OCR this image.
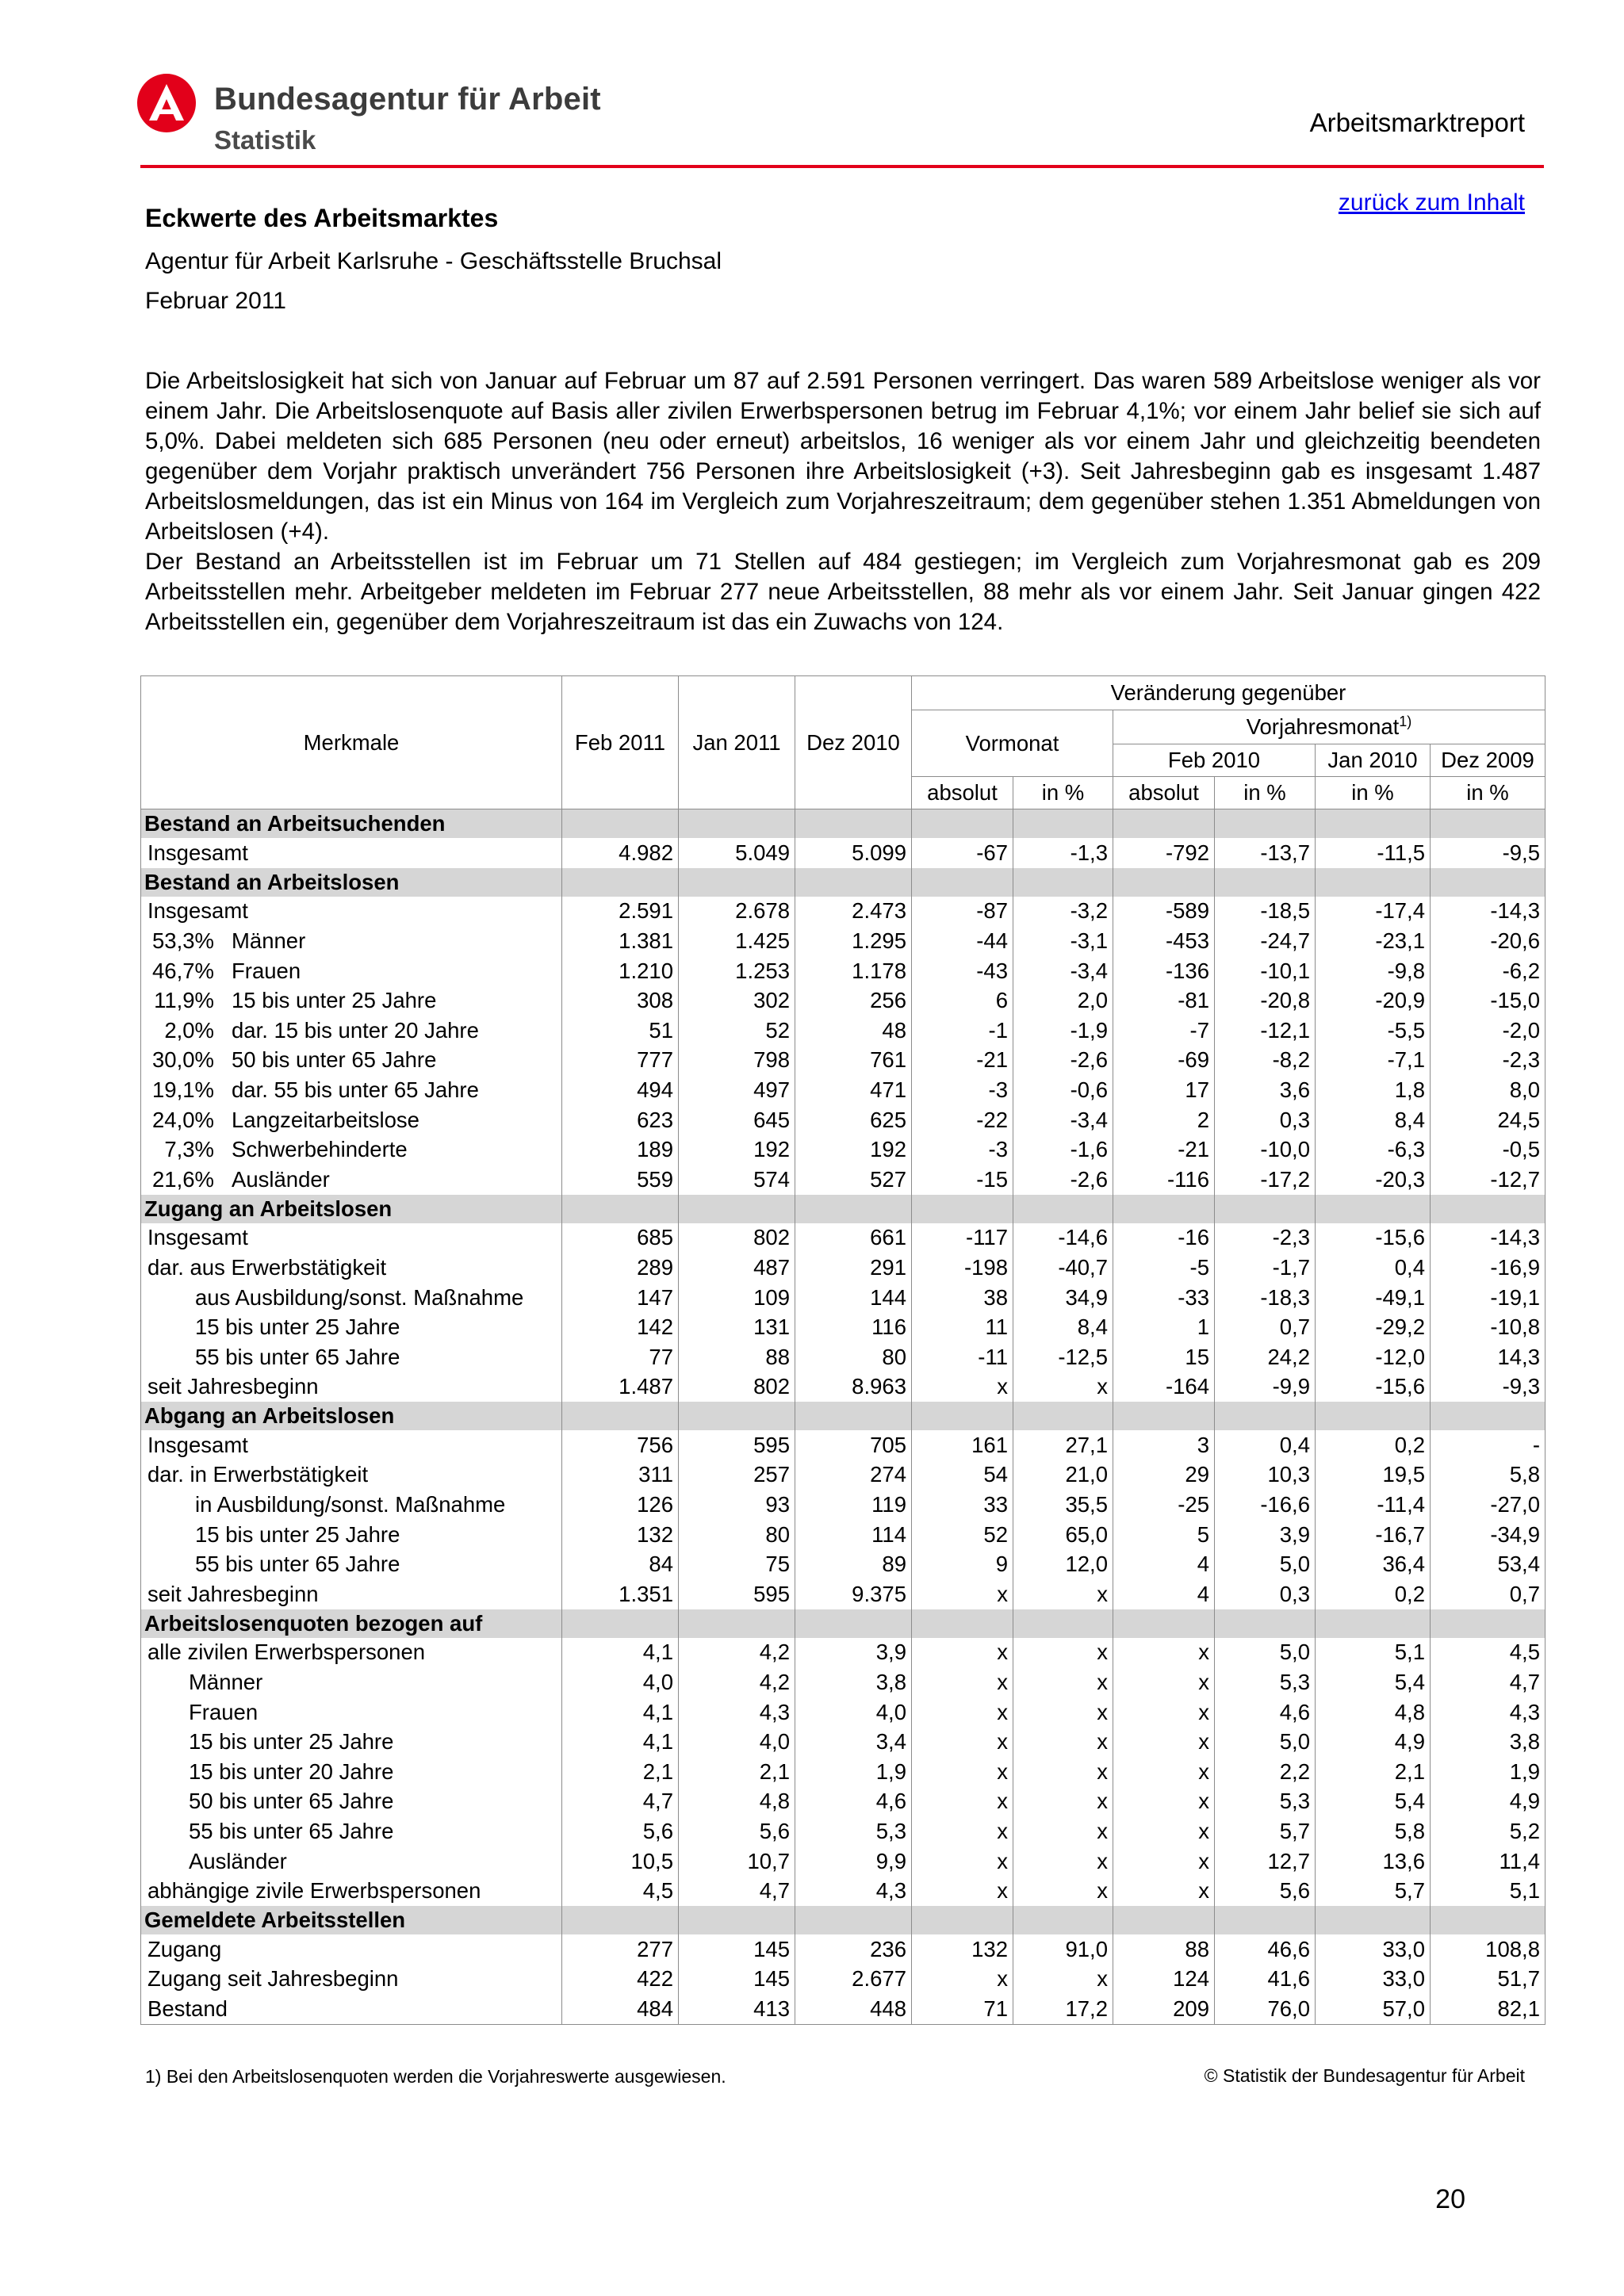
Bundesagentur für Arbeit
Statistik
Arbeitsmarktreport
zurück zum Inhalt
Eckwerte des Arbeitsmarktes
Agentur für Arbeit Karlsruhe - Geschäftsstelle Bruchsal
Februar 2011

Die Arbeitslosigkeit hat sich von Januar auf Februar um 87 auf 2.591 Personen verringert. Das waren 589 Arbeitslose weniger als vor einem Jahr. Die Arbeitslosenquote auf Basis aller zivilen Erwerbspersonen betrug im Februar 4,1%; vor einem Jahr belief sie sich auf 5,0%. Dabei meldeten sich 685 Personen (neu oder erneut) arbeitslos, 16 weniger als vor einem Jahr und gleichzeitig beendeten gegenüber dem Vorjahr praktisch unverändert 756 Personen ihre Arbeitslosigkeit (+3). Seit Jahresbeginn gab es insgesamt 1.487 Arbeitslosmeldungen, das ist ein Minus von 164 im Vergleich zum Vorjahreszeitraum; dem gegenüber stehen 1.351 Abmeldungen von Arbeitslosen (+4).

Der Bestand an Arbeitsstellen ist im Februar um 71 Stellen auf 484 gestiegen; im Vergleich zum Vorjahresmonat gab es 209 Arbeitsstellen mehr. Arbeitgeber meldeten im Februar 277 neue Arbeitsstellen, 88 mehr als vor einem Jahr. Seit Januar gingen 422 Arbeitsstellen ein, gegenüber dem Vorjahreszeitraum ist das ein Zuwachs von 124.

Merkmale	Feb 2011	Jan 2011	Dez 2010	Veränderung gegenüber					
				Vormonat		Vorjahresmonat$^{1)}$
						Feb 2010		Jan 2010	Dez 2009
				absolut	in %	absolut	in %	in %	in %
Bestand an Arbeitsuchenden									
Insgesamt	4.982	5.049	5.099	-67	-1,3	-792	-13,7	-11,5	-9,5
Bestand an Arbeitslosen									
Insgesamt	2.591	2.678	2.473	-87	-3,2	-589	-18,5	-17,4	-14,3
53,3% Männer	1.381	1.425	1.295	-44	-3,1	-453	-24,7	-23,1	-20,6
46,7% Frauen	1.210	1.253	1.178	-43	-3,4	-136	-10,1	-9,8	-6,2
11,9% 15 bis unter 25 Jahre	308	302	256	6	2,0	-81	-20,8	-20,9	-15,0
2,0% dar. 15 bis unter 20 Jahre	51	52	48	-1	-1,9	-7	-12,1	-5,5	-2,0
30,0% 50 bis unter 65 Jahre	777	798	761	-21	-2,6	-69	-8,2	-7,1	-2,3
19,1% dar. 55 bis unter 65 Jahre	494	497	471	-3	-0,6	17	3,6	1,8	8,0
24,0% Langzeitarbeitslose	623	645	625	-22	-3,4	2	0,3	8,4	24,5
7,3% Schwerbehinderte	189	192	192	-3	-1,6	-21	-10,0	-6,3	-0,5
21,6% Ausländer	559	574	527	-15	-2,6	-116	-17,2	-20,3	-12,7
Zugang an Arbeitslosen									
Insgesamt	685	802	661	-117	-14,6	-16	-2,3	-15,6	-14,3
dar. aus Erwerbstätigkeit	289	487	291	-198	-40,7	-5	-1,7	0,4	-16,9
aus Ausbildung/sonst. Maßnahme	147	109	144	38	34,9	-33	-18,3	-49,1	-19,1
15 bis unter 25 Jahre	142	131	116	11	8,4	1	0,7	-29,2	-10,8
55 bis unter 65 Jahre	77	88	80	-11	-12,5	15	24,2	-12,0	14,3
seit Jahresbeginn	1.487	802	8.963	x	x	-164	-9,9	-15,6	-9,3
Abgang an Arbeitslosen									
Insgesamt	756	595	705	161	27,1	3	0,4	0,2	-
dar. in Erwerbstätigkeit	311	257	274	54	21,0	29	10,3	19,5	5,8
in Ausbildung/sonst. Maßnahme	126	93	119	33	35,5	-25	-16,6	-11,4	-27,0
15 bis unter 25 Jahre	132	80	114	52	65,0	5	3,9	-16,7	-34,9
55 bis unter 65 Jahre	84	75	89	9	12,0	4	5,0	36,4	53,4
seit Jahresbeginn	1.351	595	9.375	x	x	4	0,3	0,2	0,7
Arbeitslosenquoten bezogen auf									
alle zivilen Erwerbspersonen	4,1	4,2	3,9	x	x	x	5,0	5,1	4,5
Männer	4,0	4,2	3,8	x	x	x	5,3	5,4	4,7
Frauen	4,1	4,3	4,0	x	x	x	4,6	4,8	4,3
15 bis unter 25 Jahre	4,1	4,0	3,4	x	x	x	5,0	4,9	3,8
15 bis unter 20 Jahre	2,1	2,1	1,9	x	x	x	2,2	2,1	1,9
50 bis unter 65 Jahre	4,7	4,8	4,6	x	x	x	5,3	5,4	4,9
55 bis unter 65 Jahre	5,6	5,6	5,3	x	x	x	5,7	5,8	5,2
Ausländer	10,5	10,7	9,9	x	x	x	12,7	13,6	11,4
abhängige zivile Erwerbspersonen	4,5	4,7	4,3	x	x	x	5,6	5,7	5,1
Gemeldete Arbeitsstellen									
Zugang	277	145	236	132	91,0	88	46,6	33,0	108,8
Zugang seit Jahresbeginn	422	145	2.677	x	x	124	41,6	33,0	51,7
Bestand	484	413	448	71	17,2	209	76,0	57,0	82,1
1) Bei den Arbeitslosenquoten werden die Vorjahreswerte ausgewiesen.	© Statistik der Bundesagentur für Arbeit
20
